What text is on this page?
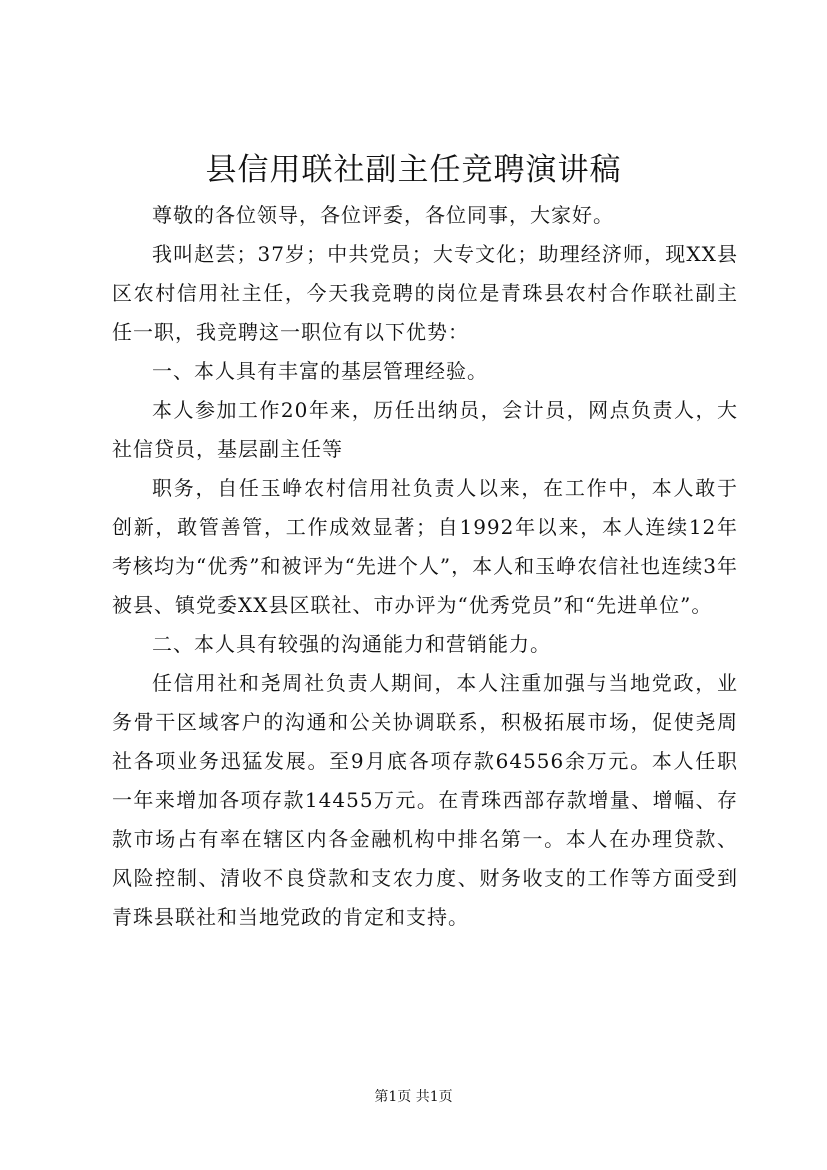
县信用联社副主任竞聘演讲稿

尊敬的各位领导，各位评委，各位同事，大家好。

我叫赵芸；37岁；中共党员；大专文化；助理经济师，现XX县区农村信用社主任，今天我竞聘的岗位是青珠县农村合作联社副主任一职，我竞聘这一职位有以下优势：

一、本人具有丰富的基层管理经验。

本人参加工作20年来，历任出纳员，会计员，网点负责人，大社信贷员，基层副主任等

职务，自任玉峥农村信用社负责人以来，在工作中，本人敢于创新，敢管善管，工作成效显著；自1992年以来，本人连续12年考核均为“优秀”和被评为“先进个人”，本人和玉峥农信社也连续3年被县、镇党委XX县区联社、市办评为“优秀党员”和“先进单位”。

二、本人具有较强的沟通能力和营销能力。

任信用社和尧周社负责人期间，本人注重加强与当地党政，业务骨干区域客户的沟通和公关协调联系，积极拓展市场，促使尧周社各项业务迅猛发展。至9月底各项存款64556余万元。本人任职一年来增加各项存款14455万元。在青珠西部存款增量、增幅、存款市场占有率在辖区内各金融机构中排名第一。本人在办理贷款、风险控制、清收不良贷款和支农力度、财务收支的工作等方面受到青珠县联社和当地党政的肯定和支持。

第1页 共1页
